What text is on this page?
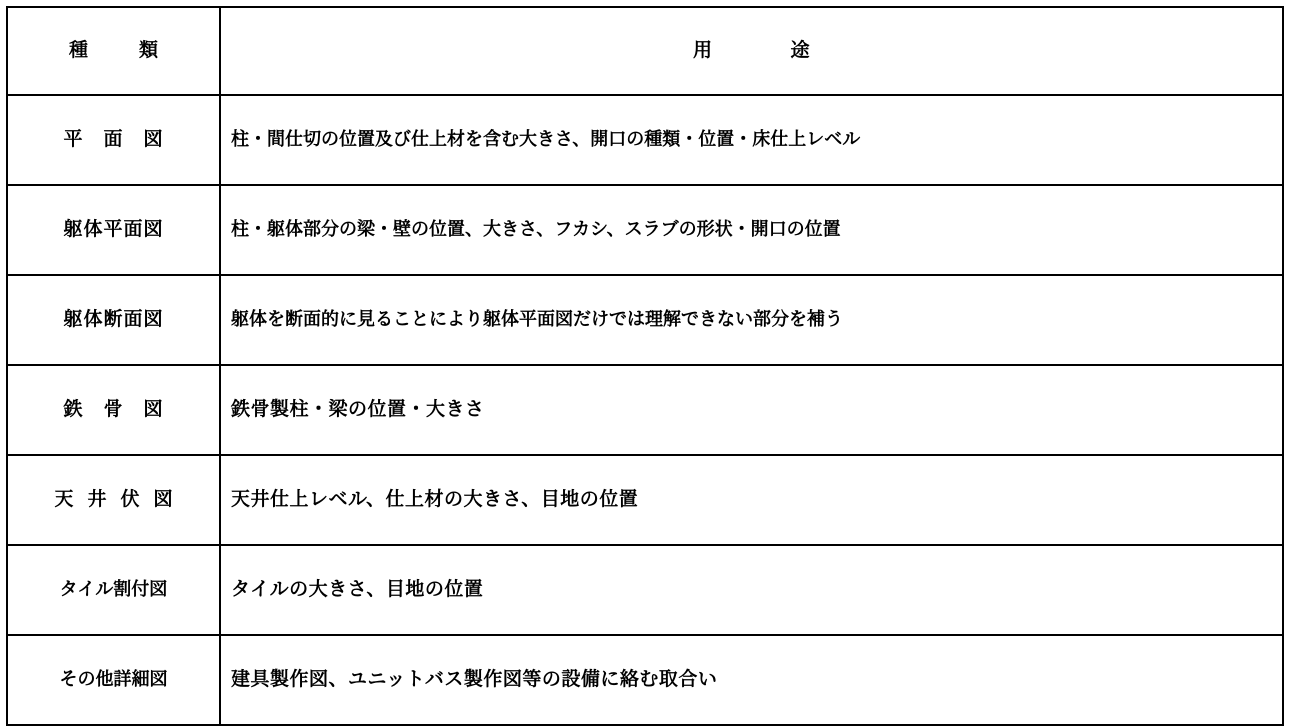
種　類	用　　　　途
平　面　図	柱・間仕切の位置及び仕上材を含む大きさ、開口の種類・位置・床仕上レベル
躯体平面図	柱・躯体部分の梁・壁の位置、大きさ、フカシ、スラブの形状・開口の位置
躯体断面図	躯体を断面的に見ることにより躯体平面図だけでは理解できない部分を補う
鉄　骨　図	鉄骨製柱・梁の位置・大きさ
天井伏図	天井仕上レベル、仕上材の大きさ、目地の位置
タイル割付図	タイルの大きさ、目地の位置
その他詳細図	建具製作図、ユニットバス製作図等の設備に絡む取合い
